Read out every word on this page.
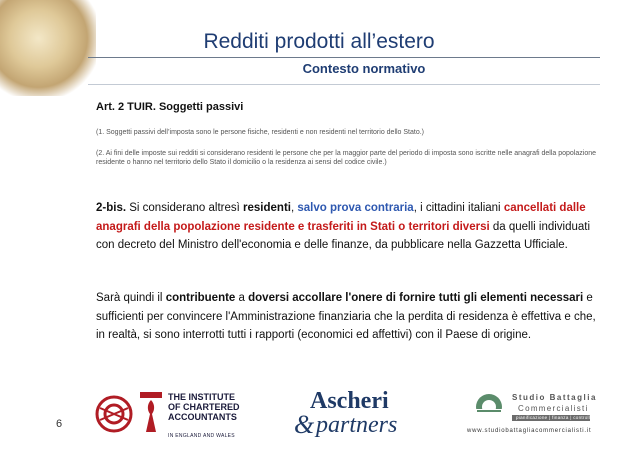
Redditi prodotti all’estero
Contesto normativo
Art. 2 TUIR. Soggetti passivi
(1. Soggetti passivi dell’imposta sono le persone fisiche, residenti e non residenti nel territorio dello Stato.)
(2. Ai fini delle imposte sui redditi si considerano residenti le persone che per la maggior parte del periodo di imposta sono iscritte nelle anagrafi della popolazione residente o hanno nel territorio dello Stato il domicilio o la residenza ai sensi del codice civile.)
2-bis. Si considerano altresì residenti, salvo prova contraria, i cittadini italiani cancellati dalle anagrafi della popolazione residente e trasferiti in Stati o territori diversi da quelli individuati con decreto del Ministro dell'economia e delle finanze, da pubblicare nella Gazzetta Ufficiale.
Sarà quindi il contribuente a doversi accollare l'onere di fornire tutti gli elementi necessari e sufficienti per convincere l'Amministrazione finanziaria che la perdita di residenza è effettiva e che, in realtà, si sono interrotti tutti i rapporti (economici ed affettivi) con il Paese di origine.
6
THE INSTITUTE
OF CHARTERED
ACCOUNTANTS
IN ENGLAND AND WALES
Ascheri
& partners
Studio Battaglia
Commercialisti
pianificazione | finanza | controllo
www.studiobattagliacommercialisti.it
